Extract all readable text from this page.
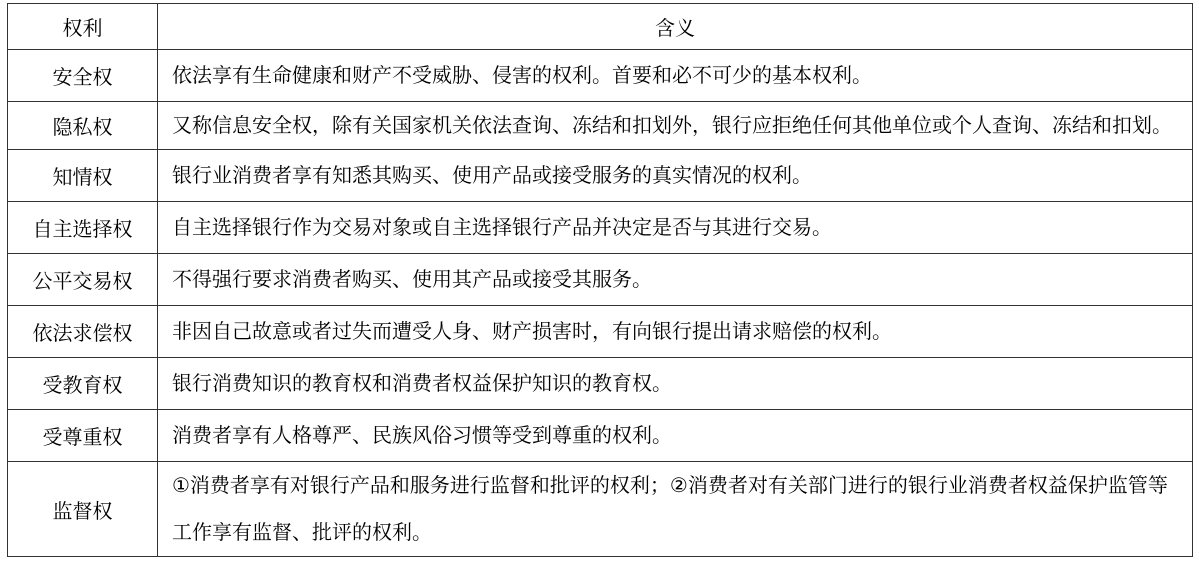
权利	含义
安全权	依法享有生命健康和财产不受威胁、侵害的权利。首要和必不可少的基本权利。
隐私权	又称信息安全权，除有关国家机关依法查询、冻结和扣划外，银行应拒绝任何其他单位或个人查询、冻结和扣划。
知情权	银行业消费者享有知悉其购买、使用产品或接受服务的真实情况的权利。
自主选择权	自主选择银行作为交易对象或自主选择银行产品并决定是否与其进行交易。
公平交易权	不得强行要求消费者购买、使用其产品或接受其服务。
依法求偿权	非因自己故意或者过失而遭受人身、财产损害时，有向银行提出请求赔偿的权利。
受教育权	银行消费知识的教育权和消费者权益保护知识的教育权。
受尊重权	消费者享有人格尊严、民族风俗习惯等受到尊重的权利。
监督权	①消费者享有对银行产品和服务进行监督和批评的权利；②消费者对有关部门进行的银行业消费者权益保护监管等工作享有监督、批评的权利。
